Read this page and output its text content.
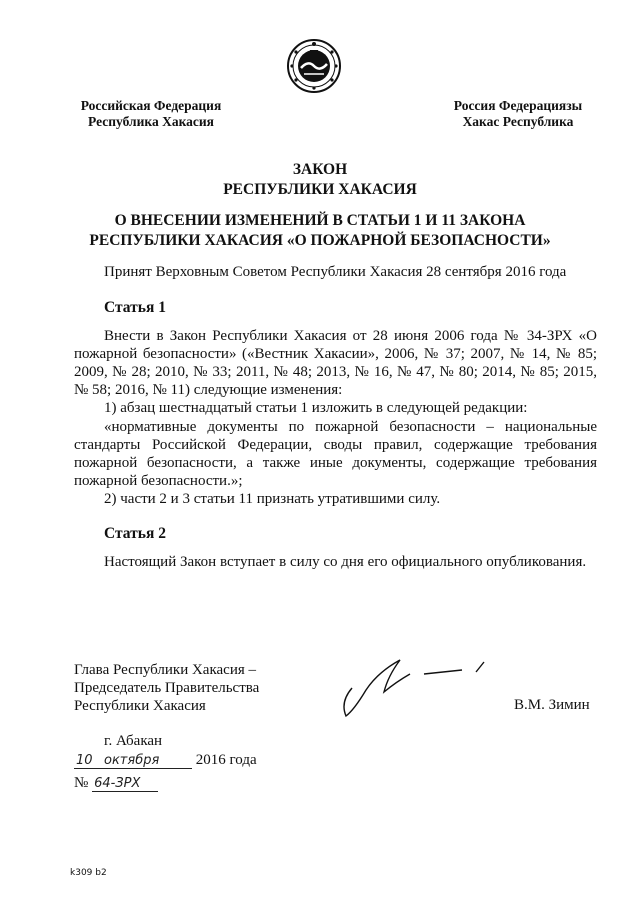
Российская Федерация
Республика Хакасия
Россия Федерациязы
Хакас Республика
ЗАКОН
РЕСПУБЛИКИ ХАКАСИЯ
О ВНЕСЕНИИ ИЗМЕНЕНИЙ В СТАТЬИ 1 И 11 ЗАКОНА
РЕСПУБЛИКИ ХАКАСИЯ «О ПОЖАРНОЙ БЕЗОПАСНОСТИ»
Принят Верховным Советом Республики Хакасия 28 сентября 2016 года
Статья 1
Внести в Закон Республики Хакасия от 28 июня 2006 года № 34-ЗРХ «О пожарной безопасности» («Вестник Хакасии», 2006, № 37; 2007, № 14, № 85; 2009, № 28; 2010, № 33; 2011, № 48; 2013, № 16, № 47, № 80; 2014, № 85; 2015, № 58; 2016, № 11) следующие изменения:
1) абзац шестнадцатый статьи 1 изложить в следующей редакции:
«нормативные документы по пожарной безопасности – национальные стандарты Российской Федерации, своды правил, содержащие требования пожарной безопасности, а также иные документы, содержащие требования пожарной безопасности.»;
2) части 2 и 3 статьи 11 признать утратившими силу.
Статья 2
Настоящий Закон вступает в силу со дня его официального опубликования.
Глава Республики Хакасия –
Председатель Правительства
Республики Хакасия	В.М. Зимин
г. Абакан
10 октября 2016 года
№ 64-ЗРХ
k309 b2
